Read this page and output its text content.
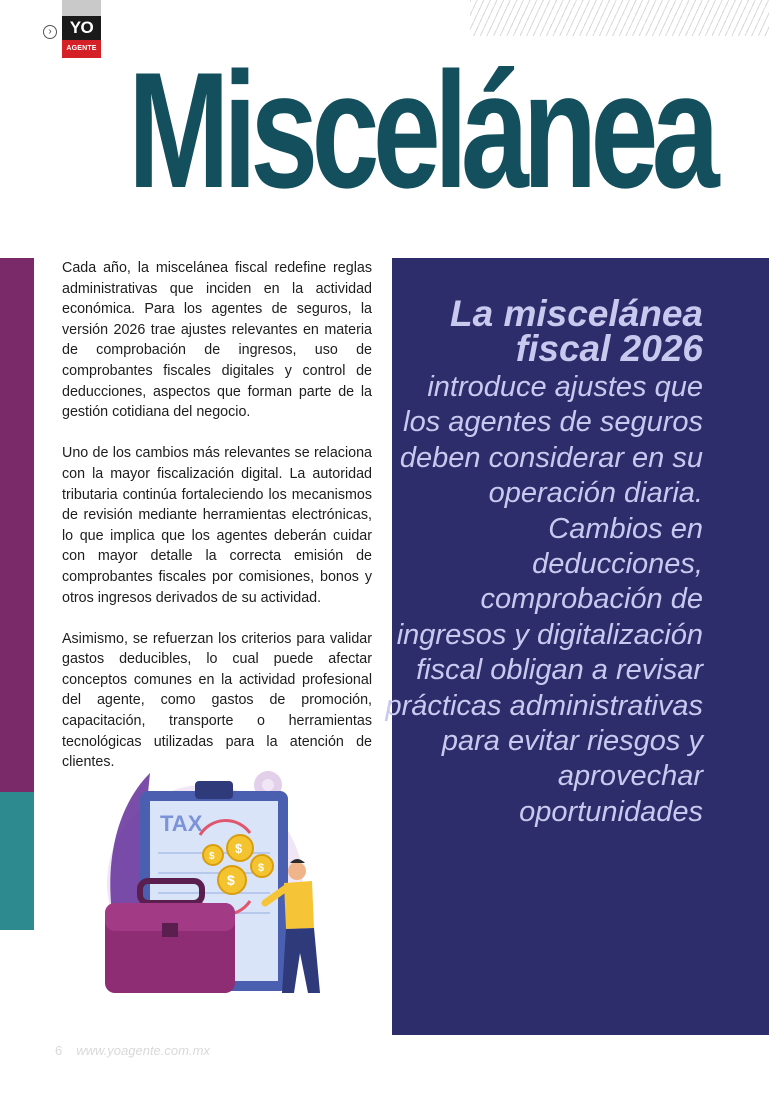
›	YO
AGENTE Miscelánea

Cada año, la miscelánea fiscal redefine reglas administrativas que inciden en la actividad económica. Para los agentes de seguros, la versión 2026 trae ajustes relevantes en materia de comprobación de ingresos, uso de comprobantes fiscales digitales y control de deducciones, aspectos que forman parte de la gestión cotidiana del negocio.

Uno de los cambios más relevantes se relaciona con la mayor fiscalización digital. La autoridad tributaria continúa fortaleciendo los mecanismos de revisión mediante herramientas electrónicas, lo que implica que los agentes deberán cuidar con mayor detalle la correcta emisión de comprobantes fiscales por comisiones, bonos y otros ingresos derivados de su actividad.

Asimismo, se refuerzan los criterios para validar gastos deducibles, lo cual puede afectar conceptos comunes en la actividad profesional del agente, como gastos de promoción, capacitación, transporte o herramientas tecnológicas utilizadas para la atención de clientes.

La miscelánea fiscal 2026
introduce ajustes que los agentes de seguros deben considerar en su operación diaria. Cambios en deducciones, comprobación de ingresos y digitalización fiscal obligan a revisar prácticas administrativas para evitar riesgos y aprovechar oportunidades
TAX
$
$
$
$
6 www.yoagente.com.mx
